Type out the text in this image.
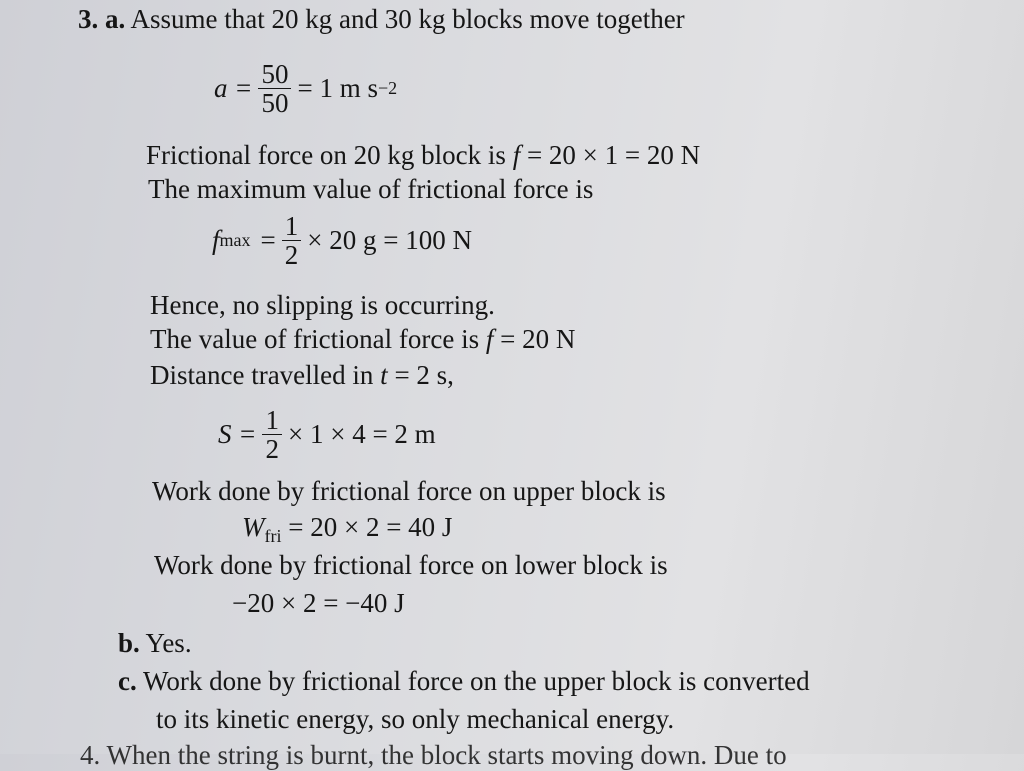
3. a. Assume that 20 kg and 30 kg blocks move together
$a = \frac{50}{50} = 1$ m s −2
Frictional force on 20 kg block is f = 20 × 1 = 20 N
The maximum value of frictional force is
f $\max = \frac{1}{2} \times 20$ g = 100 N
Hence, no slipping is occurring.
The value of frictional force is f = 20 N
Distance travelled in t = 2 s,
$S = \frac{1}{2} \times 1 \times 4 = 2$ m
Work done by frictional force on upper block is
$W_{fri} = 20 \times 2 = 40$ J
Work done by frictional force on lower block is
−20 × 2 = −40 J
b. Yes.
c. Work done by frictional force on the upper block is converted
to its kinetic energy, so only mechanical energy.
4. When the string is burnt, the block starts moving down. Due to
